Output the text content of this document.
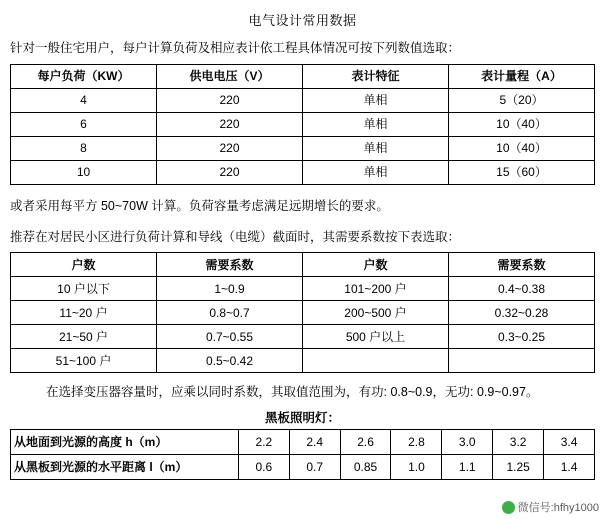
电气设计常用数据
针对一般住宅用户，每户计算负荷及相应表计依工程具体情况可按下列数值选取：
每户负荷（KW）	供电电压（V）	表计特征	表计量程（A）
4	220	单相	5（20）
6	220	单相	10（40）
8	220	单相	10（40）
10	220	单相	15（60）
或者采用每平方 50~70W 计算。负荷容量考虑满足远期增长的要求。
推荐在对居民小区进行负荷计算和导线（电缆）截面时，其需要系数按下表选取：
户数	需要系数	户数	需要系数
10 户以下	1~0.9	101~200 户	0.4~0.38
11~20 户	0.8~0.7	200~500 户	0.32~0.28
21~50 户	0.7~0.55	500 户以上	0.3~0.25
51~100 户	0.5~0.42		
在选择变压器容量时，应乘以同时系数，其取值范围为，有功: 0.8~0.9，无功: 0.9~0.97。
黑板照明灯：
从地面到光源的高度 h（m）	2.2	2.4	2.6	2.8	3.0	3.2	3.4
从黑板到光源的水平距离 l（m）	0.6	0.7	0.85	1.0	1.1	1.25	1.4
微信号:hfhy1000
